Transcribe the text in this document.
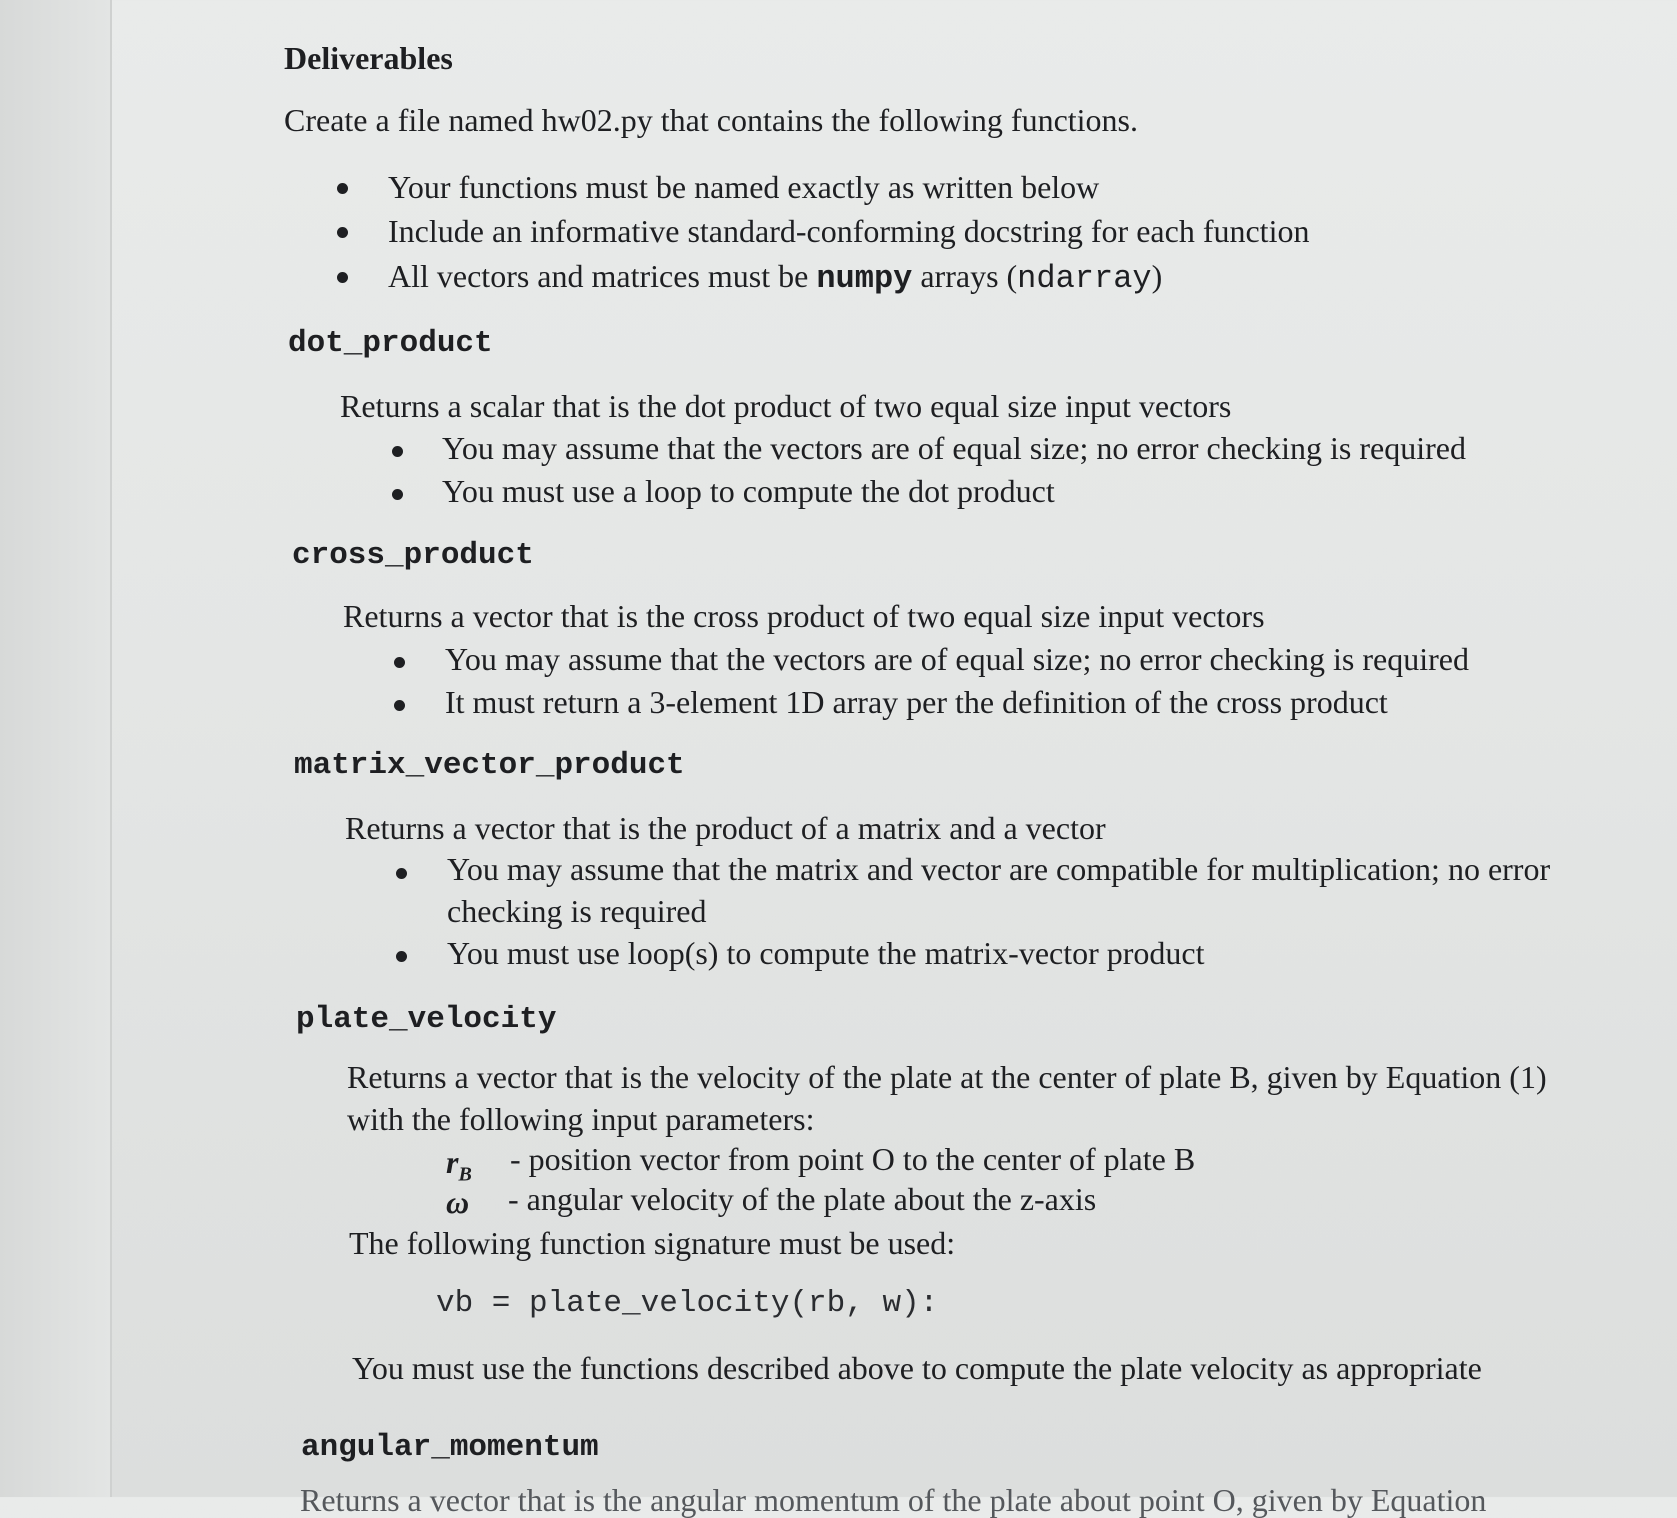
Deliverables
Create a file named hw02.py that contains the following functions.
Your functions must be named exactly as written below
Include an informative standard-conforming docstring for each function
All vectors and matrices must be numpy arrays (ndarray)
dot_product
Returns a scalar that is the dot product of two equal size input vectors
You may assume that the vectors are of equal size; no error checking is required
You must use a loop to compute the dot product
cross_product
Returns a vector that is the cross product of two equal size input vectors
You may assume that the vectors are of equal size; no error checking is required
It must return a 3-element 1D array per the definition of the cross product
matrix_vector_product
Returns a vector that is the product of a matrix and a vector
You may assume that the matrix and vector are compatible for multiplication; no error
checking is required
You must use loop(s) to compute the matrix-vector product
plate_velocity
Returns a vector that is the velocity of the plate at the center of plate B, given by Equation (1)
with the following input parameters:
$r_B$ - position vector from point O to the center of plate B
ω - angular velocity of the plate about the z-axis
The following function signature must be used:
vb = plate_velocity(rb, w):
You must use the functions described above to compute the plate velocity as appropriate
angular_momentum
Returns a vector that is the angular momentum of the plate about point O, given by Equation
